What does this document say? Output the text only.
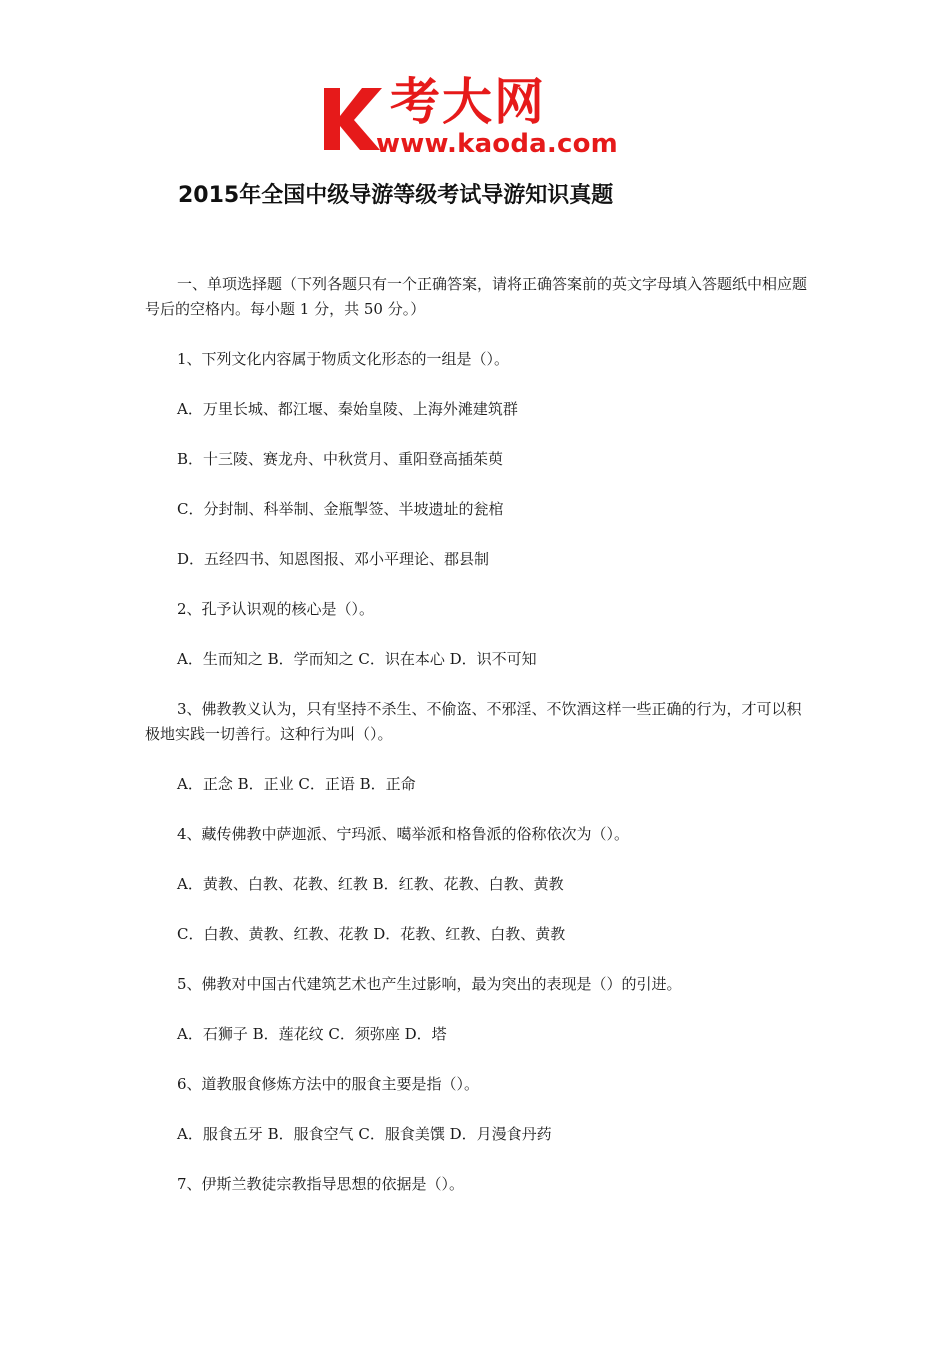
考大网
www.kaoda.com
2015年全国中级导游等级考试导游知识真题

一、单项选择题（下列各题只有一个正确答案，请将正确答案前的英文字母填入答题纸中相应题号后的空格内。每小题 1 分，共 50 分。）

1、下列文化内容属于物质文化形态的一组是（）。

A．万里长城、都江堰、秦始皇陵、上海外滩建筑群

B．十三陵、赛龙舟、中秋赏月、重阳登高插茱萸

C．分封制、科举制、金瓶掣签、半坡遗址的瓮棺

D．五经四书、知恩图报、邓小平理论、郡县制

2、孔予认识观的核心是（）。

A．生而知之 B．学而知之 C．识在本心 D．识不可知

3、佛教教义认为，只有坚持不杀生、不偷盗、不邪淫、不饮酒这样一些正确的行为，才可以积极地实践一切善行。这种行为叫（）。

A．正念 B．正业 C．正语 B．正命

4、藏传佛教中萨迦派、宁玛派、噶举派和格鲁派的俗称依次为（）。

A．黄教、白教、花教、红教 B．红教、花教、白教、黄教

C．白教、黄教、红教、花教 D．花教、红教、白教、黄教

5、佛教对中国古代建筑艺术也产生过影响，最为突出的表现是（）的引进。

A．石狮子 B．莲花纹 C．须弥座 D．塔

6、道教服食修炼方法中的服食主要是指（）。

A．服食五牙 B．服食空气 C．服食美馔 D．月漫食丹药

7、伊斯兰教徒宗教指导思想的依据是（）。
